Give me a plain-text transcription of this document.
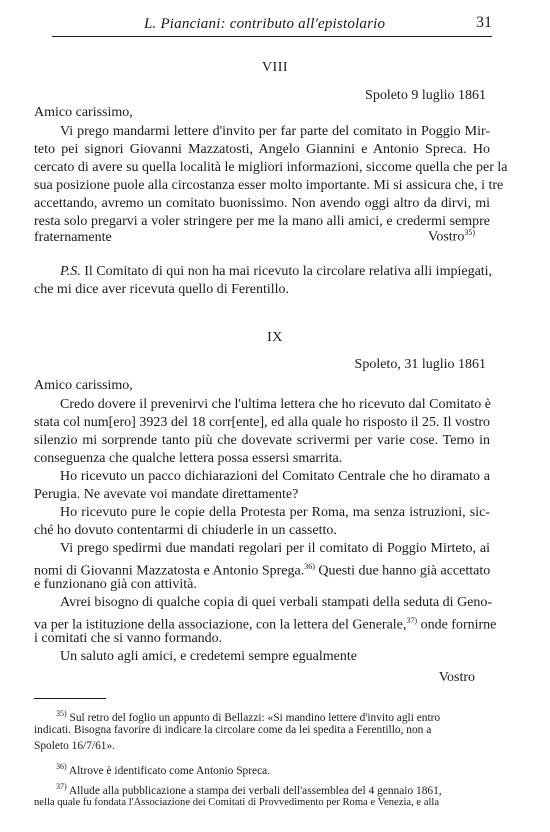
L. Pianciani: contributo all'epistolario	31
VIII
Spoleto 9 luglio 1861
Amico carissimo,
Vi prego mandarmi lettere d'invito per far parte del comitato in Poggio Mir-
teto pei signori Giovanni Mazzatosti, Angelo Giannini e Antonio Spreca. Ho
cercato di avere su quella località le migliori informazioni, siccome quella che per la
sua posizione puole alla circostanza esser molto importante. Mi si assicura che, i tre
accettando, avremo un comitato buonissimo. Non avendo oggi altro da dirvi, mi
resta solo pregarvi a voler stringere per me la mano alli amici, e credermi sempre
fraternamente	Vostro$^{35)}$
P.S. Il Comitato di qui non ha mai ricevuto la circolare relativa alli impiegati,
che mi dice aver ricevuta quello di Ferentillo.
IX
Spoleto, 31 luglio 1861
Amico carissimo,
Credo dovere il prevenirvi che l'ultima lettera che ho ricevuto dal Comitato è
stata col num[ero] 3923 del 18 corr[ente], ed alla quale ho risposto il 25. Il vostro
silenzio mi sorprende tanto più che dovevate scrivermi per varie cose. Temo in
conseguenza che qualche lettera possa essersi smarrita.
Ho ricevuto un pacco dichiarazioni del Comitato Centrale che ho diramato a
Perugia. Ne avevate voi mandate direttamente?
Ho ricevuto pure le copie della Protesta per Roma, ma senza istruzioni, sic-
ché ho dovuto contentarmi di chiuderle in un cassetto.
Vi prego spedirmi due mandati regolari per il comitato di Poggio Mirteto, ai
nomi di Giovanni Mazzatosta e Antonio Sprega.$^{36)}$ Questi due hanno già accettato
e funzionano già con attività.
Avrei bisogno di qualche copia di quei verbali stampati della seduta di Geno-
va per la istituzione della associazione, con la lettera del Generale,$^{37)}$ onde fornirne
i comitati che si vanno formando.
Un saluto agli amici, e credetemi sempre egualmente
Vostro
$^{35)}$ Sul retro del foglio un appunto di Bellazzi: «Si mandino lettere d'invito agli entro
indicati. Bisogna favorire di indicare la circolare come da lei spedita a Ferentillo, non a
Spoleto 16/7/61».
$^{36)}$ Altrove è identificato come Antonio Spreca.
$^{37)}$ Allude alla pubblicazione a stampa dei verbali dell'assemblea del 4 gennaio 1861,
nella quale fu fondata l'Associazione dei Comitati di Provvedimento per Roma e Venezia, e alla
